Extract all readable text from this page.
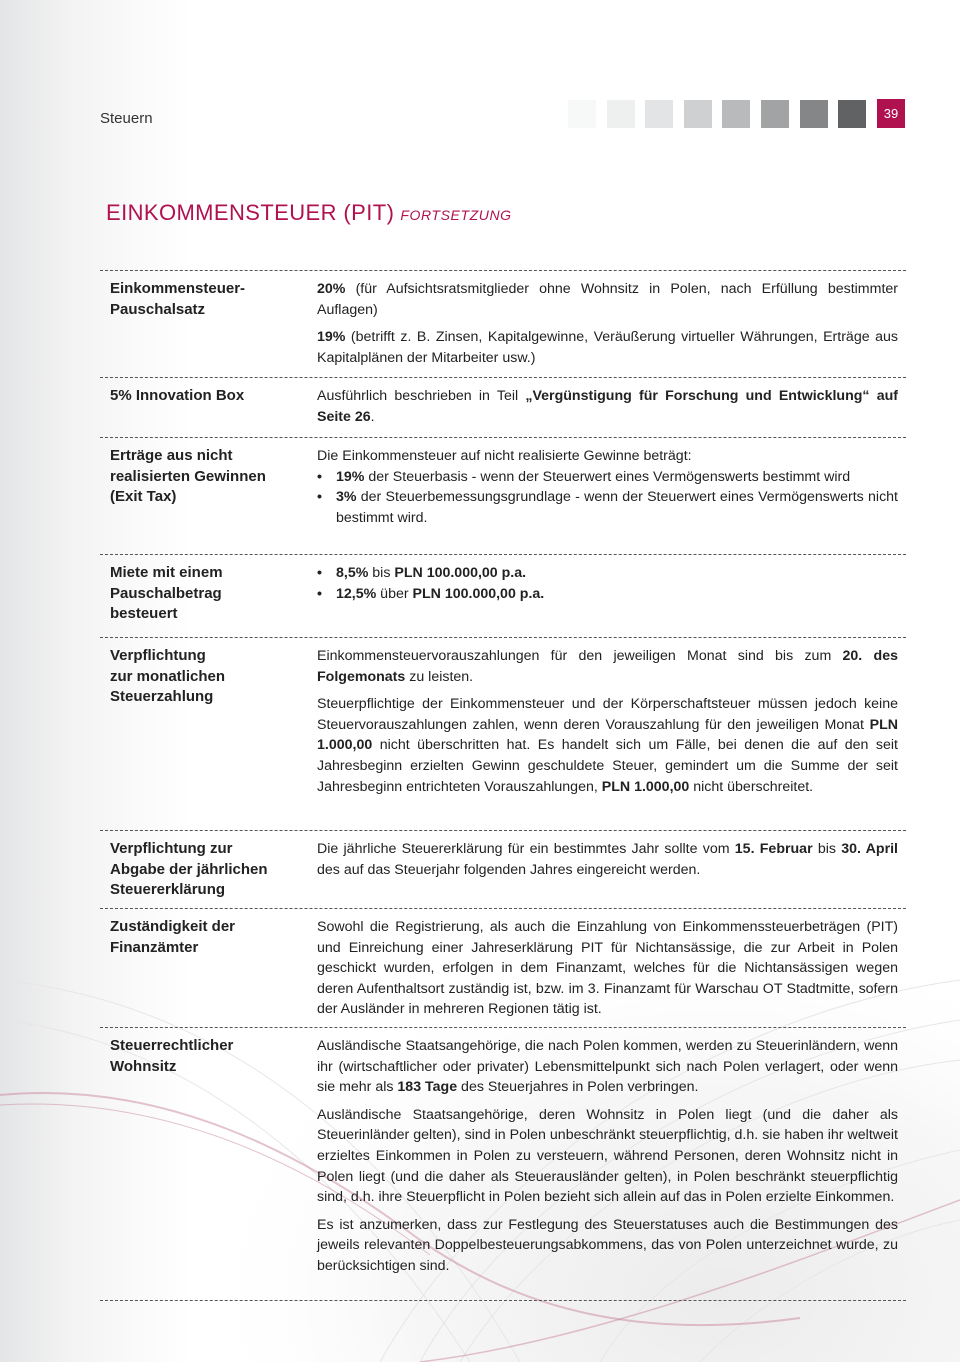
Steuern	39
EINKOMMENSTEUER (PIT) FORTSETZUNG
Einkommensteuer-
Pauschalsatz

20% (für Aufsichtsratsmitglieder ohne Wohnsitz in Polen, nach Erfüllung bestimmter Auflagen)

19% (betrifft z. B. Zinsen, Kapitalgewinne, Veräußerung virtueller Währungen, Erträge aus Kapitalplänen der Mitarbeiter usw.)

5% Innovation Box	Ausführlich beschrieben in Teil „Vergünstigung für Forschung und Entwicklung“ auf Seite 26.

Erträge aus nicht
realisierten Gewinnen
(Exit Tax)
Die Einkommensteuer auf nicht realisierte Gewinne beträgt:
• 19% der Steuerbasis - wenn der Steuerwert eines Vermögenswerts bestimmt wird
• 3% der Steuerbemessungsgrundlage - wenn der Steuerwert eines Vermögenswerts nicht bestimmt wird.
Miete mit einem
Pauschalbetrag
besteuert
• 8,5% bis PLN 100.000,00 p.a.
• 12,5% über PLN 100.000,00 p.a.
Verpflichtung
zur monatlichen
Steuerzahlung

Einkommensteuervorauszahlungen für den jeweiligen Monat sind bis zum 20. des Folgemonats zu leisten.

Steuerpflichtige der Einkommensteuer und der Körperschaftsteuer müssen jedoch keine Steuervorauszahlungen zahlen, wenn deren Vorauszahlung für den jeweiligen Monat PLN 1.000,00 nicht überschritten hat. Es handelt sich um Fälle, bei denen die auf den seit Jahresbeginn erzielten Gewinn geschuldete Steuer, gemindert um die Summe der seit Jahresbeginn entrichteten Vorauszahlungen, PLN 1.000,00 nicht überschreitet.

Verpflichtung zur
Abgabe der jährlichen
Steuererklärung

Die jährliche Steuererklärung für ein bestimmtes Jahr sollte vom 15. Februar bis 30. April des auf das Steuerjahr folgenden Jahres eingereicht werden.

Zuständigkeit der
Finanzämter

Sowohl die Registrierung, als auch die Einzahlung von Einkommenssteuerbeträgen (PIT) und Einreichung einer Jahreserklärung PIT für Nichtansässige, die zur Arbeit in Polen geschickt wurden, erfolgen in dem Finanzamt, welches für die Nichtansässigen wegen deren Aufenthaltsort zuständig ist, bzw. im 3. Finanzamt für Warschau OT Stadtmitte, sofern der Ausländer in mehreren Regionen tätig ist.

Steuerrechtlicher
Wohnsitz

Ausländische Staatsangehörige, die nach Polen kommen, werden zu Steuerinländern, wenn ihr (wirtschaftlicher oder privater) Lebensmittelpunkt sich nach Polen verlagert, oder wenn sie mehr als 183 Tage des Steuerjahres in Polen verbringen.

Ausländische Staatsangehörige, deren Wohnsitz in Polen liegt (und die daher als Steuerinländer gelten), sind in Polen unbeschränkt steuerpflichtig, d.h. sie haben ihr weltweit erzieltes Einkommen in Polen zu versteuern, während Personen, deren Wohnsitz nicht in Polen liegt (und die daher als Steuerausländer gelten), in Polen beschränkt steuerpflichtig sind, d.h. ihre Steuerpflicht in Polen bezieht sich allein auf das in Polen erzielte Einkommen.

Es ist anzumerken, dass zur Festlegung des Steuerstatuses auch die Bestimmungen des jeweils relevanten Doppelbesteuerungsabkommens, das von Polen unterzeichnet wurde, zu berücksichtigen sind.
